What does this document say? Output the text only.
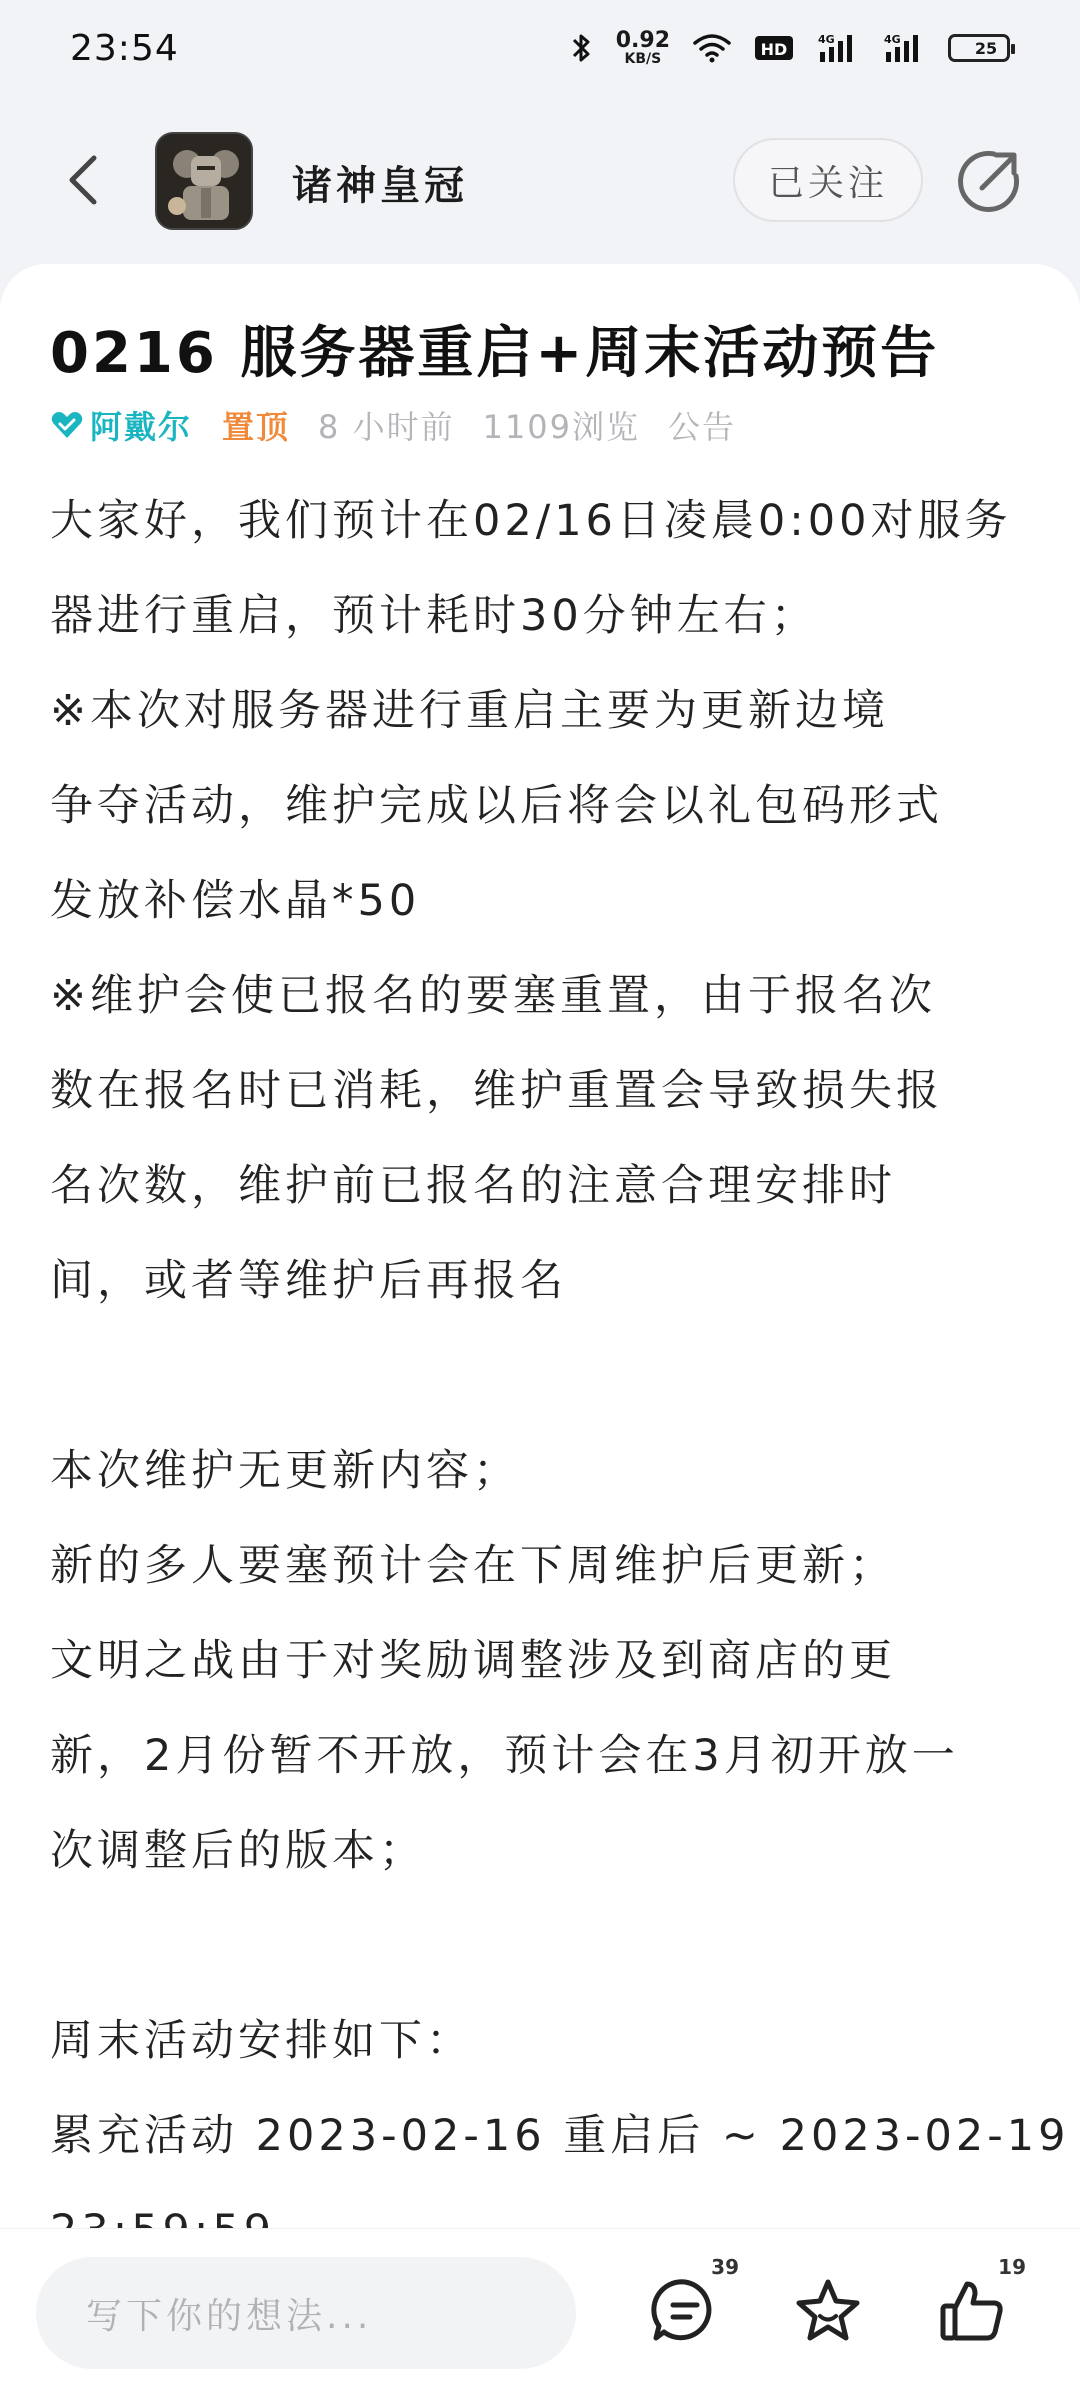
23:54	0.92
KB/S	HD
4G	4G	25
诸神皇冠	已关注
0216 服务器重启+周末活动预告
阿戴尔 置顶 8 小时前 1109浏览 公告
大家好，我们预计在02/16日凌晨0:00对服务
器进行重启，预计耗时30分钟左右；
※本次对服务器进行重启主要为更新边境
争夺活动，维护完成以后将会以礼包码形式
发放补偿水晶*50
※维护会使已报名的要塞重置，由于报名次
数在报名时已消耗，维护重置会导致损失报
名次数，维护前已报名的注意合理安排时
间，或者等维护后再报名
本次维护无更新内容；
新的多人要塞预计会在下周维护后更新；
文明之战由于对奖励调整涉及到商店的更
新，2月份暂不开放，预计会在3月初开放一
次调整后的版本；
周末活动安排如下：
累充活动 2023-02-16 重启后 ~ 2023-02-19
写下你的想法...
39	19
